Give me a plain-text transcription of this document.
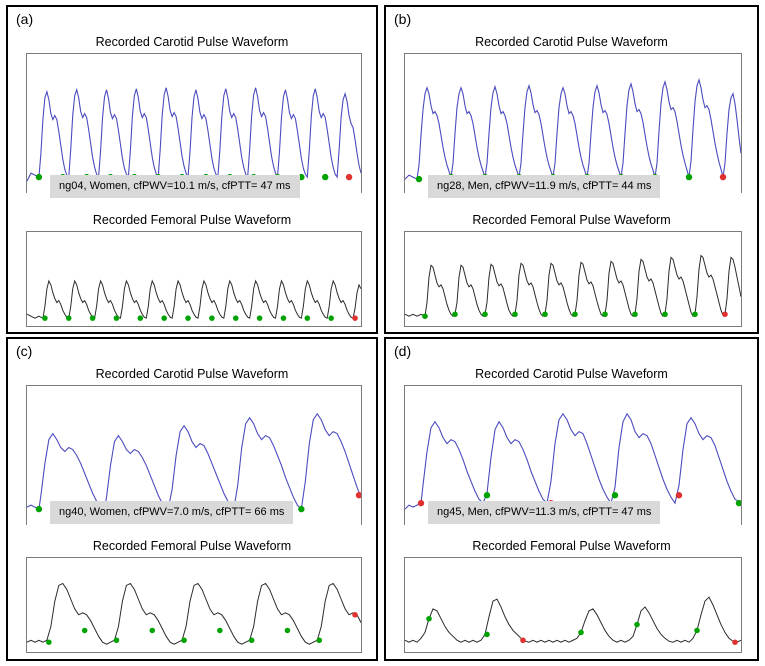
(a)
Recorded Carotid Pulse Waveform
ng04, Women, cfPWV=10.1 m/s, cfPTT= 47 ms
Recorded Femoral Pulse Waveform
(b)
Recorded Carotid Pulse Waveform
ng28, Men, cfPWV=11.9 m/s, cfPTT= 44 ms
Recorded Femoral Pulse Waveform
(c)
Recorded Carotid Pulse Waveform
ng40, Women, cfPWV=7.0 m/s, cfPTT= 66 ms
Recorded Femoral Pulse Waveform
(d)
Recorded Carotid Pulse Waveform
ng45, Men, cfPWV=11.3 m/s, cfPTT= 47 ms
Recorded Femoral Pulse Waveform
